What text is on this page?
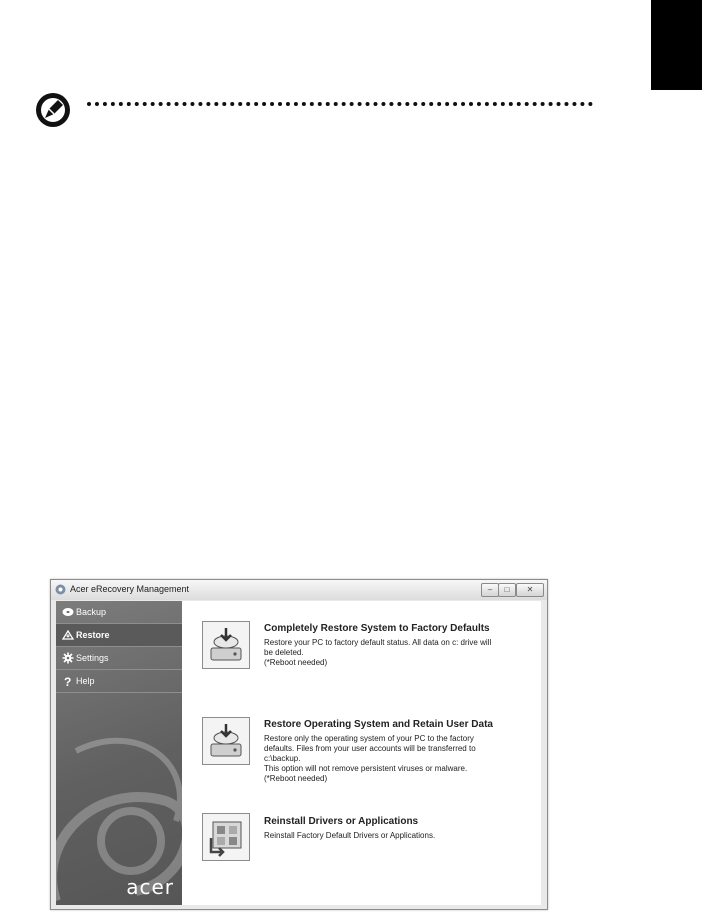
Acer eRecovery Management	–	□	✕
Backup
Restore
Settings
? Help
acer
Completely Restore System to Factory Defaults
Restore your PC to factory default status. All data on c: drive will
be deleted.
(*Reboot needed)
Restore Operating System and Retain User Data
Restore only the operating system of your PC to the factory
defaults. Files from your user accounts will be transferred to
c:\backup.
This option will not remove persistent viruses or malware.
(*Reboot needed)
Reinstall Drivers or Applications
Reinstall Factory Default Drivers or Applications.
